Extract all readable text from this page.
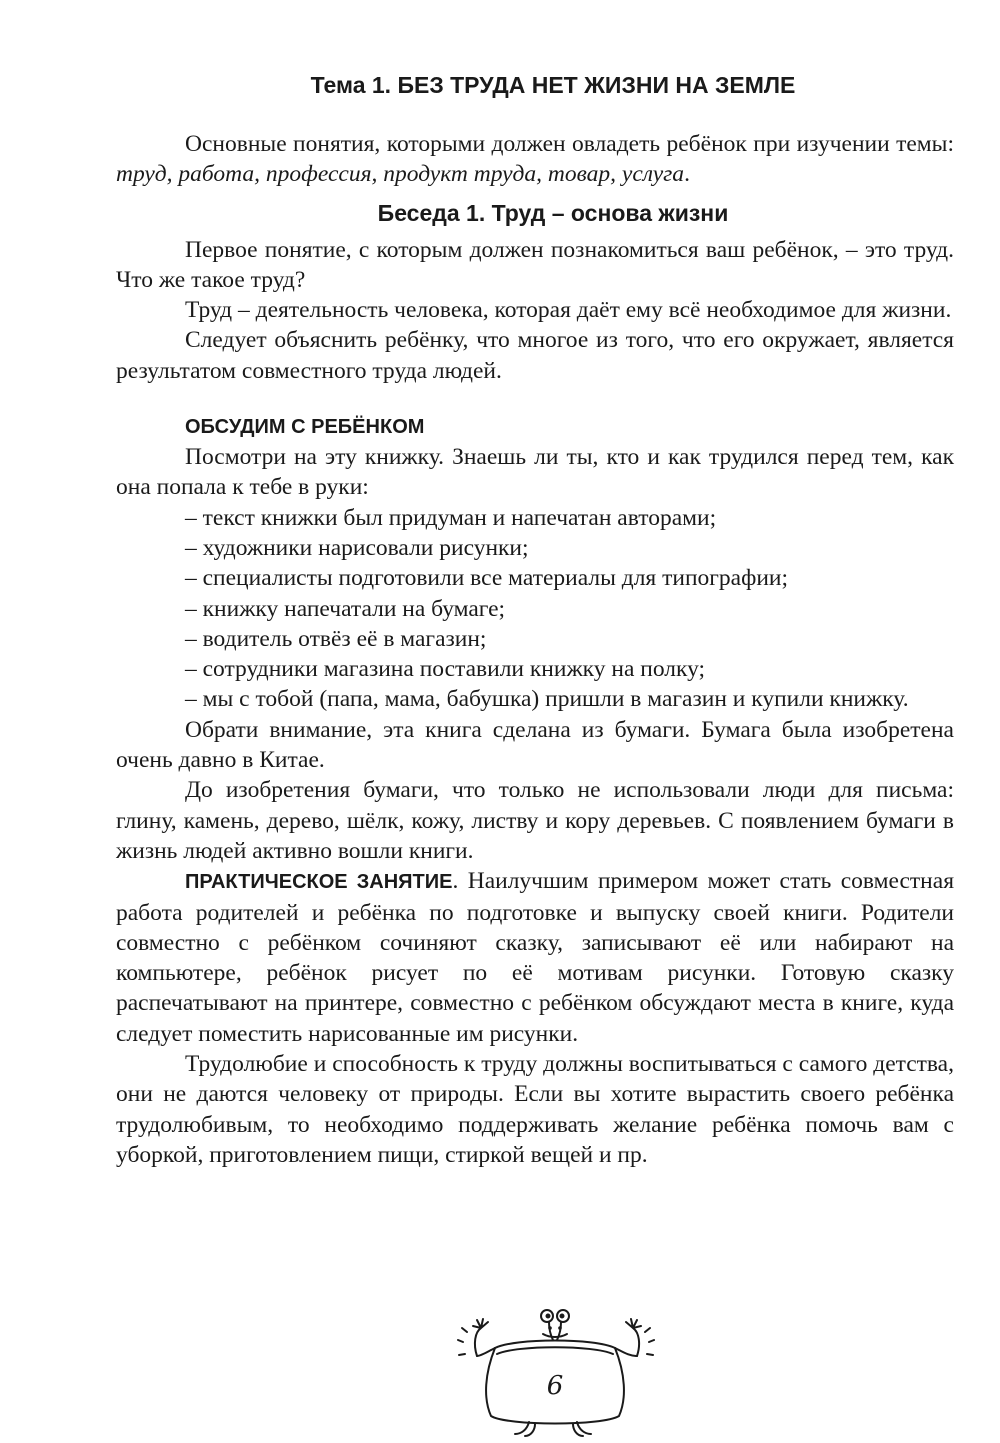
Тема 1. БЕЗ ТРУДА НЕТ ЖИЗНИ НА ЗЕМЛЕ

Основные понятия, которыми должен овладеть ребёнок при изучении темы: труд, работа, профессия, продукт труда, товар, услуга.

Беседа 1. Труд – основа жизни

Первое понятие, с которым должен познакомиться ваш ребёнок, – это труд. Что же такое труд?

Труд – деятельность человека, которая даёт ему всё необходимое для жизни.

Следует объяснить ребёнку, что многое из того, что его окружает, является результатом совместного труда людей.

ОБСУДИМ С РЕБЁНКОМ

Посмотри на эту книжку. Знаешь ли ты, кто и как трудился перед тем, как она попала к тебе в руки:

– текст книжки был придуман и напечатан авторами;
– художники нарисовали рисунки;
– специалисты подготовили все материалы для типографии;
– книжку напечатали на бумаге;
– водитель отвёз её в магазин;
– сотрудники магазина поставили книжку на полку;
– мы с тобой (папа, мама, бабушка) пришли в магазин и купили книжку.

Обрати внимание, эта книга сделана из бумаги. Бумага была изобретена очень давно в Китае.

До изобретения бумаги, что только не использовали люди для письма: глину, камень, дерево, шёлк, кожу, листву и кору деревьев. С появлением бумаги в жизнь людей активно вошли книги.

ПРАКТИЧЕСКОЕ ЗАНЯТИЕ. Наилучшим примером может стать совместная работа родителей и ребёнка по подготовке и выпуску своей книги. Родители совместно с ребёнком сочиняют сказку, записывают её или набирают на компьютере, ребёнок рисует по её мотивам рисунки. Готовую сказку распечатывают на принтере, совместно с ребёнком обсуждают места в книге, куда следует поместить нарисованные им рисунки.

Трудолюбие и способность к труду должны воспитываться с самого детства, они не даются человеку от природы. Если вы хотите вырастить своего ребёнка трудолюбивым, то необходимо поддерживать желание ребёнка помочь вам с уборкой, приготовлением пищи, стиркой вещей и пр.

6
